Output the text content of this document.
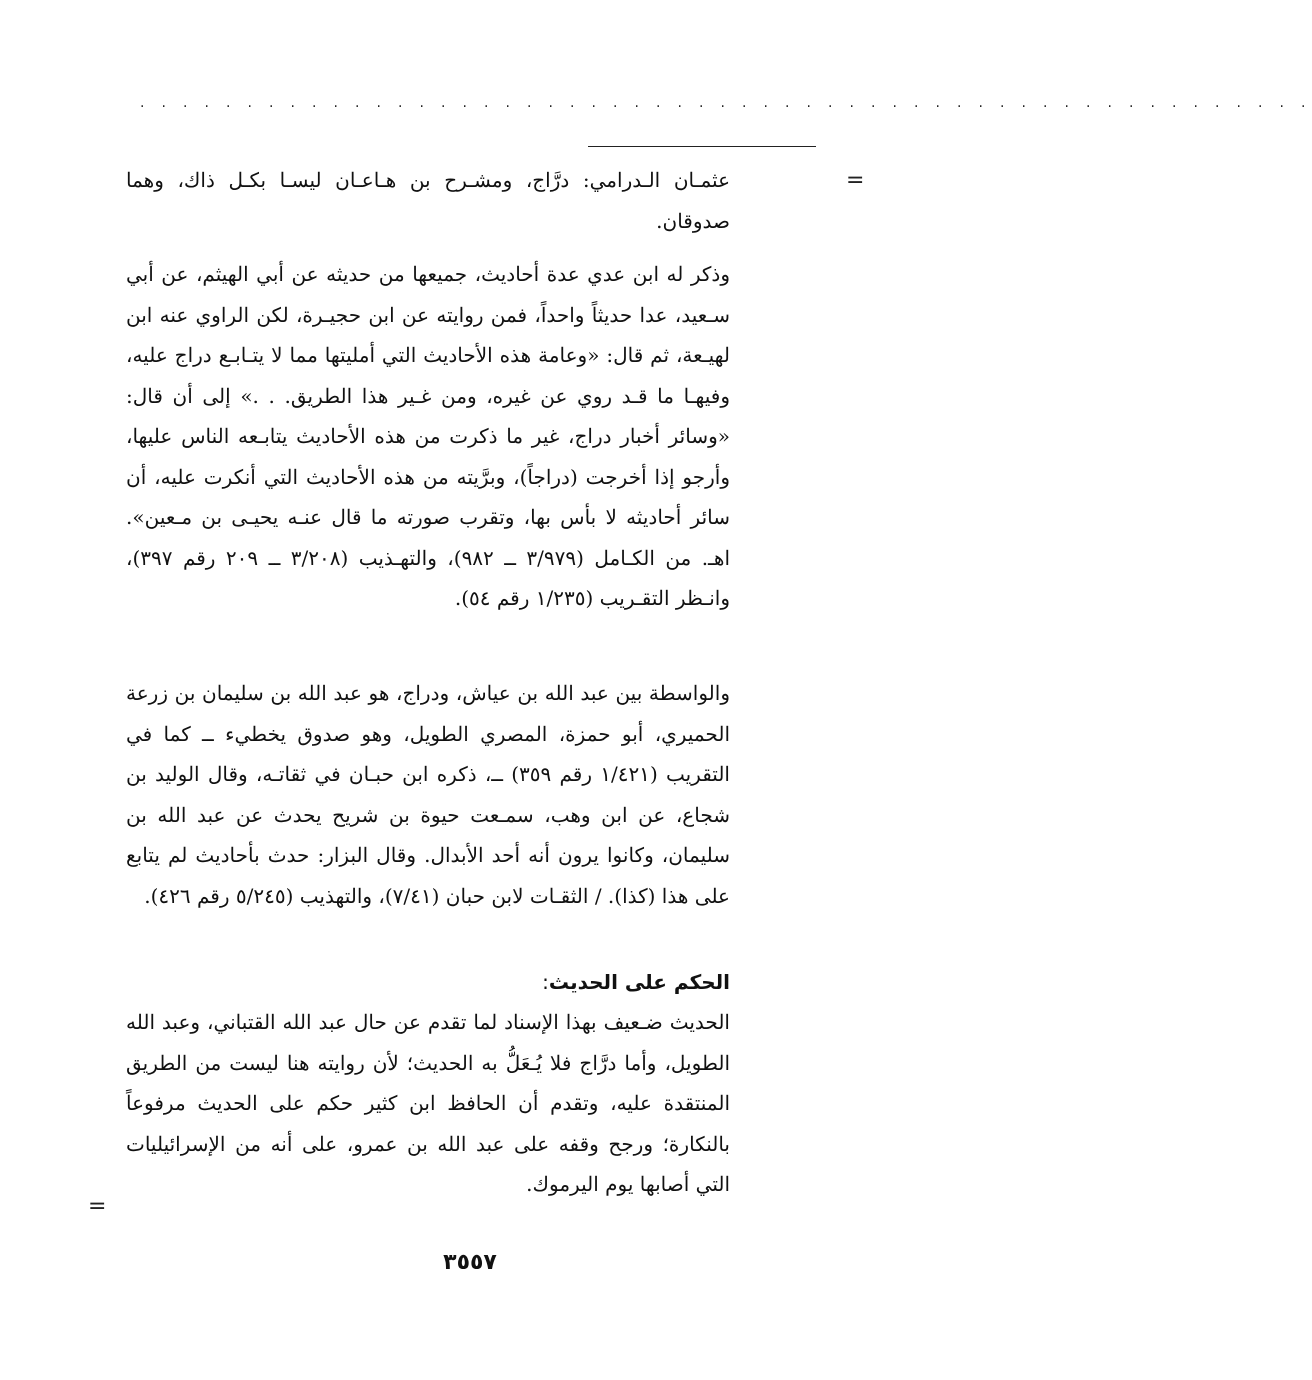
. . . . . . . . . . . . . . . . . . . . . . . . . . . . . . . . . . . . . . . . . . . . . . . . . . . . . . .
=

عثمـان الـدرامي: درَّاج، ومشـرح بن هـاعـان ليسـا بكـل ذاك، وهما صدوقان.

وذكر له ابن عدي عدة أحاديث، جميعها من حديثه عن أبي الهيثم، عن أبي سـعيد، عدا حديثاً واحداً، فمن روايته عن ابن حجيـرة، لكن الراوي عنه ابن لهيـعة، ثم قال: «وعامة هذه الأحاديث التي أمليتها مما لا يتـابـع دراج عليه، وفيهـا ما قـد روي عن غيره، ومن غـير هذا الطريق. . .» إلى أن قال: «وسائر أخبار دراج، غير ما ذكرت من هذه الأحاديث يتابـعه الناس عليها، وأرجو إذا أخرجت (دراجاً)، وبرَّيته من هذه الأحاديث التي أنكرت عليه، أن سائر أحاديثه لا بأس بها، وتقرب صورته ما قال عنـه يحيـى بن مـعين». اهـ. من الكـامل (٣/٩٧٩ ــ ٩٨٢)، والتهـذيب (٣/٢٠٨ ــ ٢٠٩ رقم ٣٩٧)، وانـظر التقـريب (١/٢٣٥ رقم ٥٤).

والواسطة بين عبد الله بن عياش، ودراج، هو عبد الله بن سليمان بن زرعة الحميري، أبو حمزة، المصري الطويل، وهو صدوق يخطيء ــ كما في التقريب (١/٤٢١ رقم ٣٥٩) ــ، ذكره ابن حبـان في ثقاتـه، وقال الوليد بن شجاع، عن ابن وهب، سمـعت حيوة بن شريح يحدث عن عبد الله بن سليمان، وكانوا يرون أنه أحد الأبدال. وقال البزار: حدث بأحاديث لم يتابع على هذا (كذا). / الثقـات لابن حبان (٧/٤١)، والتهذيب (٥/٢٤٥ رقم ٤٢٦).

الحكم على الحديث:

الحديث ضـعيف بهذا الإسناد لما تقدم عن حال عبد الله القتباني، وعبد الله الطويل، وأما درَّاج فلا يُـعَلُّ به الحديث؛ لأن روايته هنا ليست من الطريق المنتقدة عليه، وتقدم أن الحافظ ابن كثير حكم على الحديث مرفوعاً بالنكارة؛ ورجح وقفه على عبد الله بن عمرو، على أنه من الإسرائيليات التي أصابها يوم اليرموك.

=
٣٥٥٧
